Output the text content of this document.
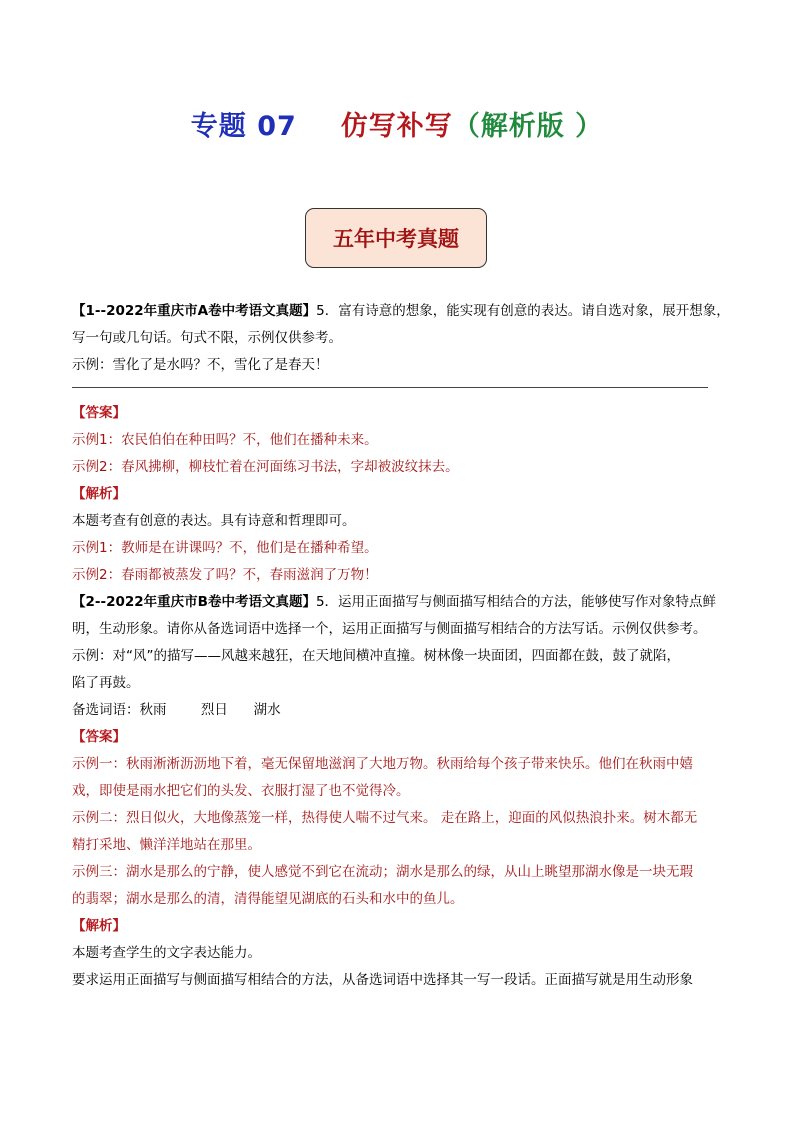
专题 07 仿写补写（解析版 ）
五年中考真题

【1--2022年重庆市A卷中考语文真题】5．富有诗意的想象，能实现有创意的表达。请自选对象，展开想象，

写一句或几句话。句式不限，示例仅供参考。

示例：雪化了是水吗？不，雪化了是春天！

【答案】

示例1：农民伯伯在种田吗？不，他们在播种未来。

示例2：春风拂柳，柳枝忙着在河面练习书法，字却被波纹抹去。

【解析】

本题考查有创意的表达。具有诗意和哲理即可。

示例1：教师是在讲课吗？不，他们是在播种希望。

示例2：春雨都被蒸发了吗？不，春雨滋润了万物！

【2--2022年重庆市B卷中考语文真题】5．运用正面描写与侧面描写相结合的方法，能够使写作对象特点鲜

明，生动形象。请你从备选词语中选择一个，运用正面描写与侧面描写相结合的方法写话。示例仅供参考。

示例：对“风”的描写——风越来越狂，在天地间横冲直撞。树林像一块面团，四面都在鼓，鼓了就陷，

陷了再鼓。

备选词语：秋雨        烈日      湖水

【答案】

示例一：秋雨淅淅沥沥地下着，毫无保留地滋润了大地万物。秋雨给每个孩子带来快乐。他们在秋雨中嬉

戏，即使是雨水把它们的头发、衣服打湿了也不觉得冷。

示例二：烈日似火，大地像蒸笼一样，热得使人喘不过气来。 走在路上，迎面的风似热浪扑来。树木都无

精打采地、懒洋洋地站在那里。

示例三：湖水是那么的宁静，使人感觉不到它在流动；湖水是那么的绿，从山上眺望那湖水像是一块无瑕

的翡翠；湖水是那么的清，清得能望见湖底的石头和水中的鱼儿。

【解析】

本题考查学生的文字表达能力。

要求运用正面描写与侧面描写相结合的方法，从备选词语中选择其一写一段话。正面描写就是用生动形象
